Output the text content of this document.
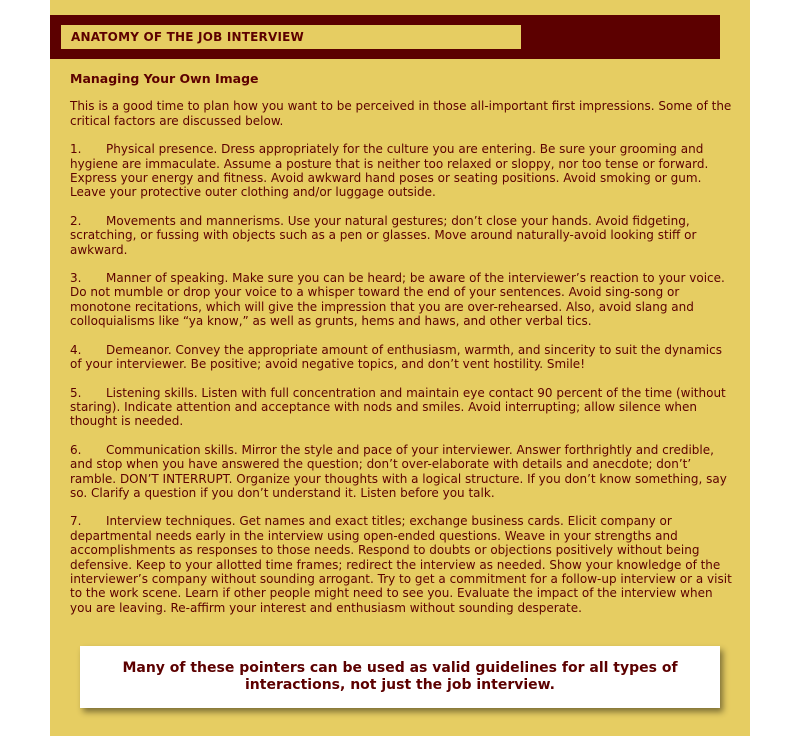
ANATOMY OF THE JOB INTERVIEW
Managing Your Own Image
This is a good time to plan how you want to be perceived in those all-important first impressions. Some of the critical factors are discussed below.
1. Physical presence. Dress appropriately for the culture you are entering. Be sure your grooming and hygiene are immaculate. Assume a posture that is neither too relaxed or sloppy, nor too tense or forward. Express your energy and fitness. Avoid awkward hand poses or seating positions. Avoid smoking or gum. Leave your protective outer clothing and/or luggage outside.
2. Movements and mannerisms. Use your natural gestures; don’t close your hands. Avoid fidgeting, scratching, or fussing with objects such as a pen or glasses. Move around naturally-avoid looking stiff or awkward.
3. Manner of speaking. Make sure you can be heard; be aware of the interviewer’s reaction to your voice. Do not mumble or drop your voice to a whisper toward the end of your sentences. Avoid sing-song or monotone recitations, which will give the impression that you are over-rehearsed. Also, avoid slang and colloquialisms like “ya know,” as well as grunts, hems and haws, and other verbal tics.
4. Demeanor. Convey the appropriate amount of enthusiasm, warmth, and sincerity to suit the dynamics of your interviewer. Be positive; avoid negative topics, and don’t vent hostility. Smile!
5. Listening skills. Listen with full concentration and maintain eye contact 90 percent of the time (without staring). Indicate attention and acceptance with nods and smiles. Avoid interrupting; allow silence when thought is needed.
6. Communication skills. Mirror the style and pace of your interviewer. Answer forthrightly and credible, and stop when you have answered the question; don’t over-elaborate with details and anecdote; don’t’ ramble. DON’T INTERRUPT. Organize your thoughts with a logical structure. If you don’t know something, say so. Clarify a question if you don’t understand it. Listen before you talk.
7. Interview techniques. Get names and exact titles; exchange business cards. Elicit company or departmental needs early in the interview using open-ended questions. Weave in your strengths and accomplishments as responses to those needs. Respond to doubts or objections positively without being defensive. Keep to your allotted time frames; redirect the interview as needed. Show your knowledge of the interviewer’s company without sounding arrogant. Try to get a commitment for a follow-up interview or a visit to the work scene. Learn if other people might need to see you. Evaluate the impact of the interview when you are leaving. Re-affirm your interest and enthusiasm without sounding desperate.
Many of these pointers can be used as valid guidelines for all types of interactions, not just the job interview.
